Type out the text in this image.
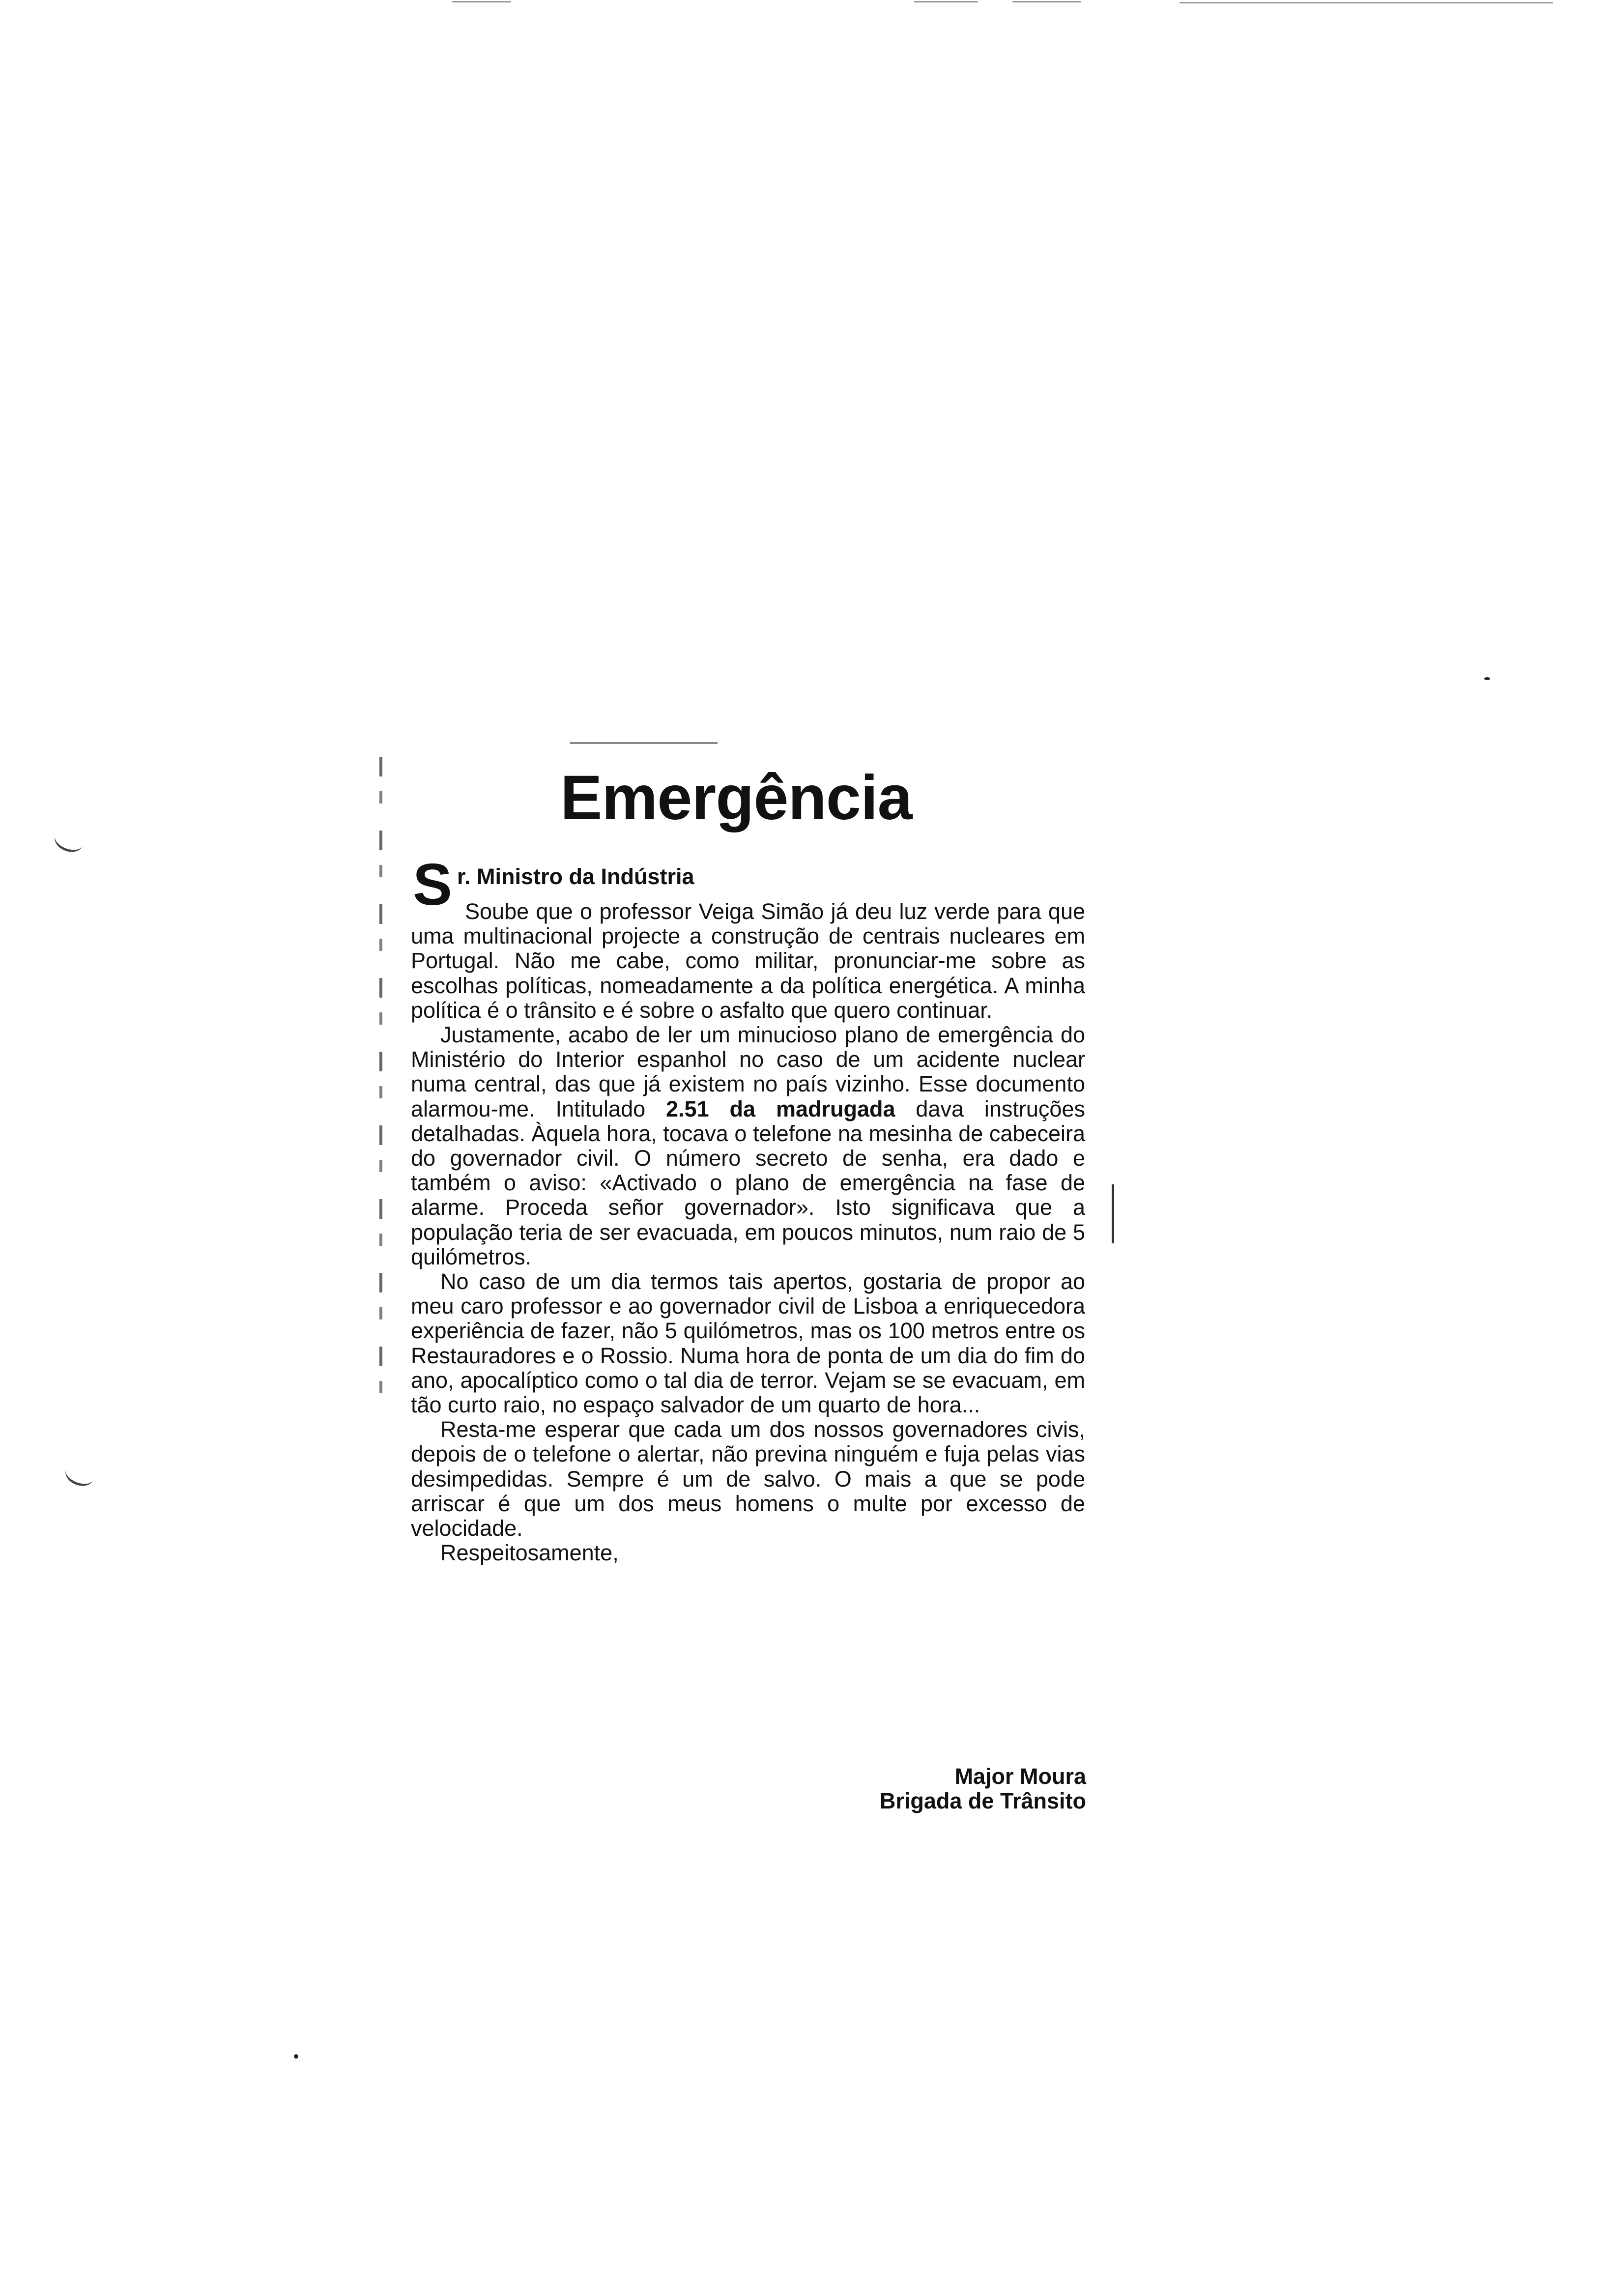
Emergência
S r. Ministro da Indústria

Soube que o professor Veiga Simão já deu luz verde para que uma multinacional projecte a construção de centrais nucleares em Portugal. Não me cabe, como militar, pronunciar-me sobre as escolhas políticas, nomeadamente a da política energética. A minha política é o trânsito e é sobre o asfalto que quero continuar.

Justamente, acabo de ler um minucioso plano de emergência do Ministério do Interior espanhol no caso de um acidente nuclear numa central, das que já existem no país vizinho. Esse documento alarmou-me. Intitulado 2.51 da madrugada dava instruções detalhadas. Àquela hora, tocava o telefone na mesinha de cabeceira do governador civil. O número secreto de senha, era dado e também o aviso: «Activado o plano de emergência na fase de alarme. Proceda señor governador». Isto significava que a população teria de ser evacuada, em poucos minutos, num raio de 5 quilómetros.

No caso de um dia termos tais apertos, gostaria de propor ao meu caro professor e ao governador civil de Lisboa a enriquecedora experiência de fazer, não 5 quilómetros, mas os 100 metros entre os Restauradores e o Rossio. Numa hora de ponta de um dia do fim do ano, apocalíptico como o tal dia de terror. Vejam se se evacuam, em tão curto raio, no espaço salvador de um quarto de hora...

Resta-me esperar que cada um dos nossos governadores civis, depois de o telefone o alertar, não previna ninguém e fuja pelas vias desimpedidas. Sempre é um de salvo. O mais a que se pode arriscar é que um dos meus homens o multe por excesso de velocidade.

Respeitosamente,

Major Moura
Brigada de Trânsito
